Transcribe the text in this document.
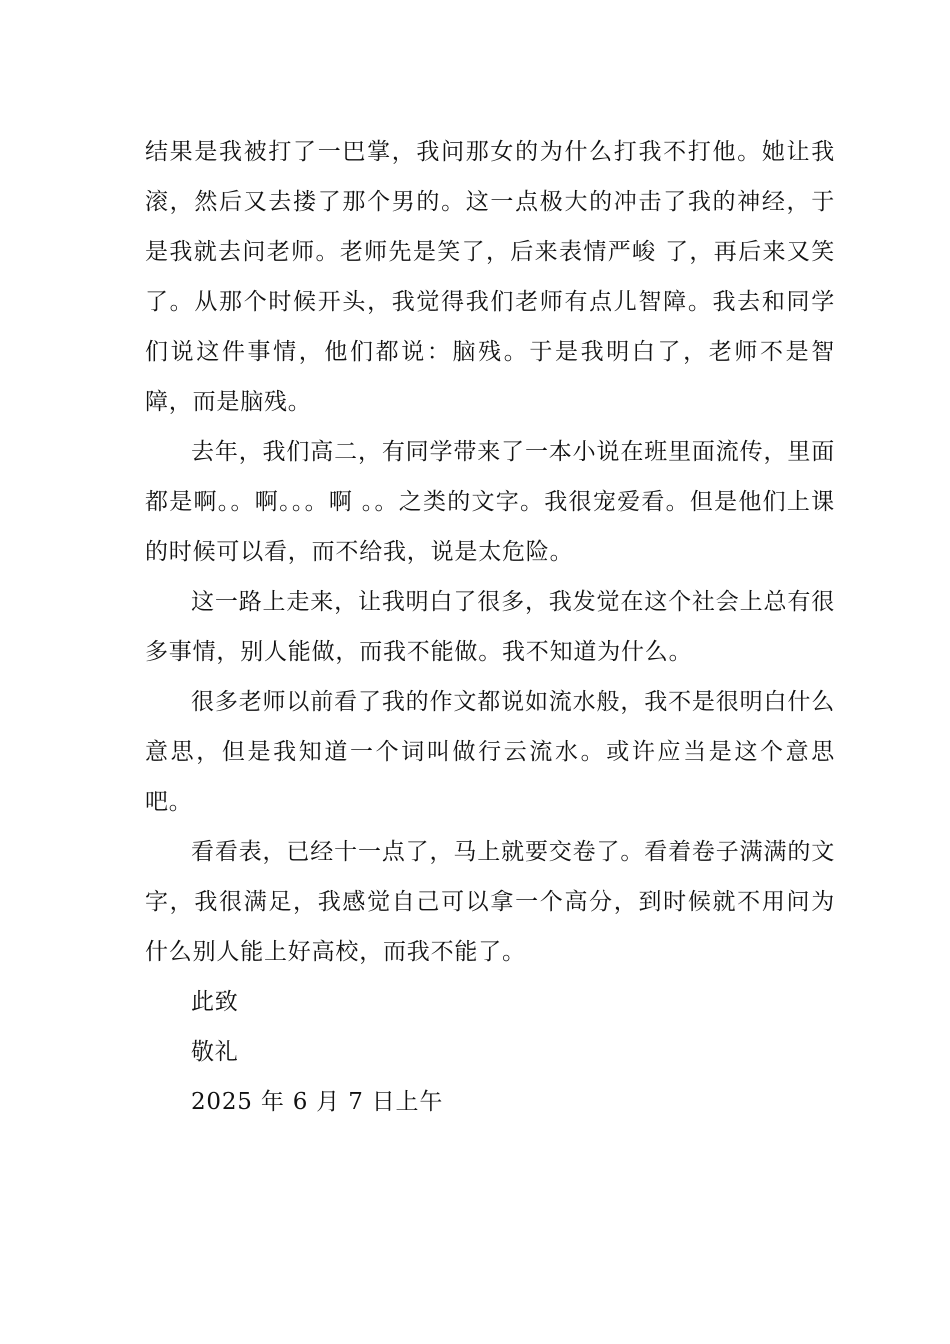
结果是我被打了一巴掌，我问那女的为什么打我不打他。她让我滚，然后又去搂了那个男的。这一点极大的冲击了我的神经，于是我就去问老师。老师先是笑了，后来表情严峻 了，再后来又笑了。从那个时候开头，我觉得我们老师有点儿智障。我去和同学们说这件事情，他们都说：脑残。于是我明白了，老师不是智障，而是脑残。

去年，我们高二，有同学带来了一本小说在班里面流传，里面都是啊。。啊。。。啊 。。之类的文字。我很宠爱看。但是他们上课的时候可以看，而不给我，说是太危险。

这一路上走来，让我明白了很多，我发觉在这个社会上总有很多事情，别人能做，而我不能做。我不知道为什么。

很多老师以前看了我的作文都说如流水般，我不是很明白什么意思，但是我知道一个词叫做行云流水。或许应当是这个意思吧。

看看表，已经十一点了，马上就要交卷了。看着卷子满满的文字，我很满足，我感觉自己可以拿一个高分，到时候就不用问为什么别人能上好高校，而我不能了。

此致

敬礼

2025 年 6 月 7 日上午
